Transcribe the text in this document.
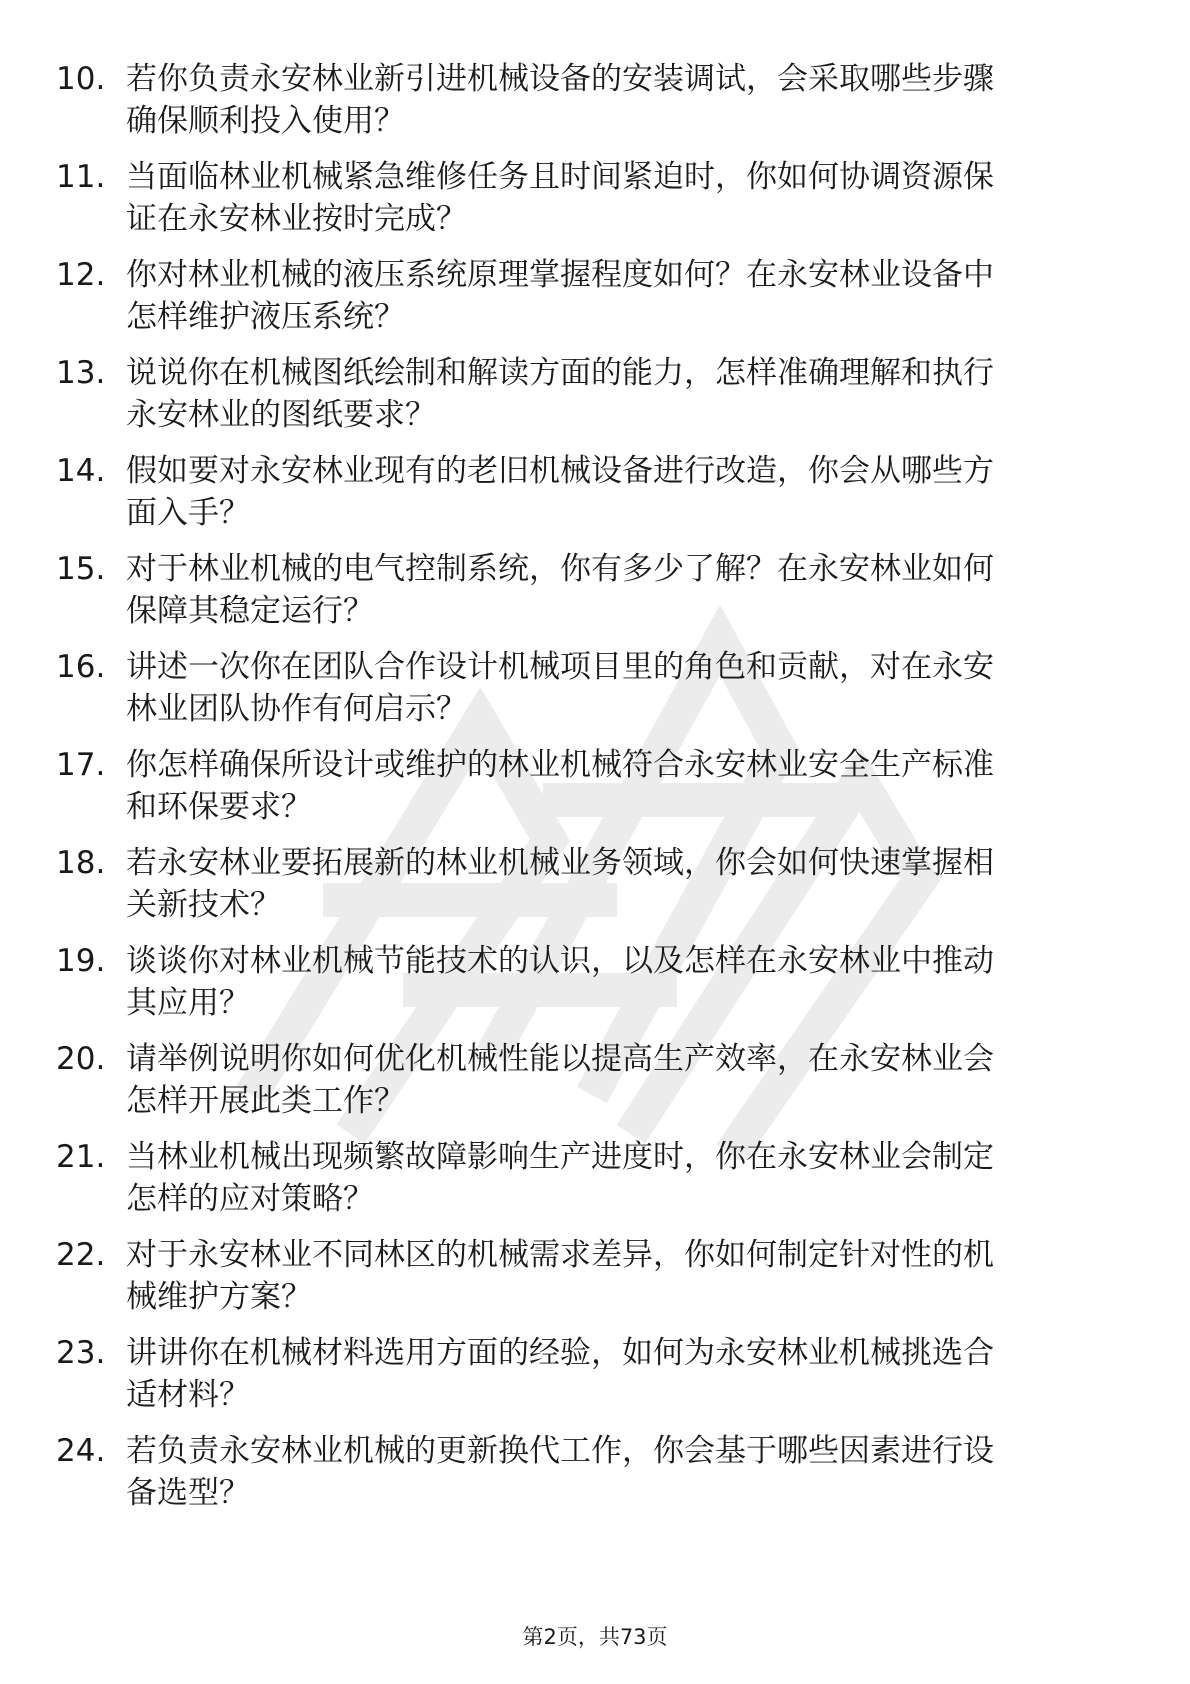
10. 若你负责永安林业新引进机械设备的安装调试，会采取哪些步骤
确保顺利投入使用？
11. 当面临林业机械紧急维修任务且时间紧迫时，你如何协调资源保
证在永安林业按时完成？
12. 你对林业机械的液压系统原理掌握程度如何？在永安林业设备中
怎样维护液压系统？
13. 说说你在机械图纸绘制和解读方面的能力，怎样准确理解和执行
永安林业的图纸要求？
14. 假如要对永安林业现有的老旧机械设备进行改造，你会从哪些方
面入手？
15. 对于林业机械的电气控制系统，你有多少了解？在永安林业如何
保障其稳定运行？
16. 讲述一次你在团队合作设计机械项目里的角色和贡献，对在永安
林业团队协作有何启示？
17. 你怎样确保所设计或维护的林业机械符合永安林业安全生产标准
和环保要求？
18. 若永安林业要拓展新的林业机械业务领域，你会如何快速掌握相
关新技术？
19. 谈谈你对林业机械节能技术的认识，以及怎样在永安林业中推动
其应用？
20. 请举例说明你如何优化机械性能以提高生产效率，在永安林业会
怎样开展此类工作？
21. 当林业机械出现频繁故障影响生产进度时，你在永安林业会制定
怎样的应对策略？
22. 对于永安林业不同林区的机械需求差异，你如何制定针对性的机
械维护方案？
23. 讲讲你在机械材料选用方面的经验，如何为永安林业机械挑选合
适材料？
24. 若负责永安林业机械的更新换代工作，你会基于哪些因素进行设
备选型？
第2页，共73页
